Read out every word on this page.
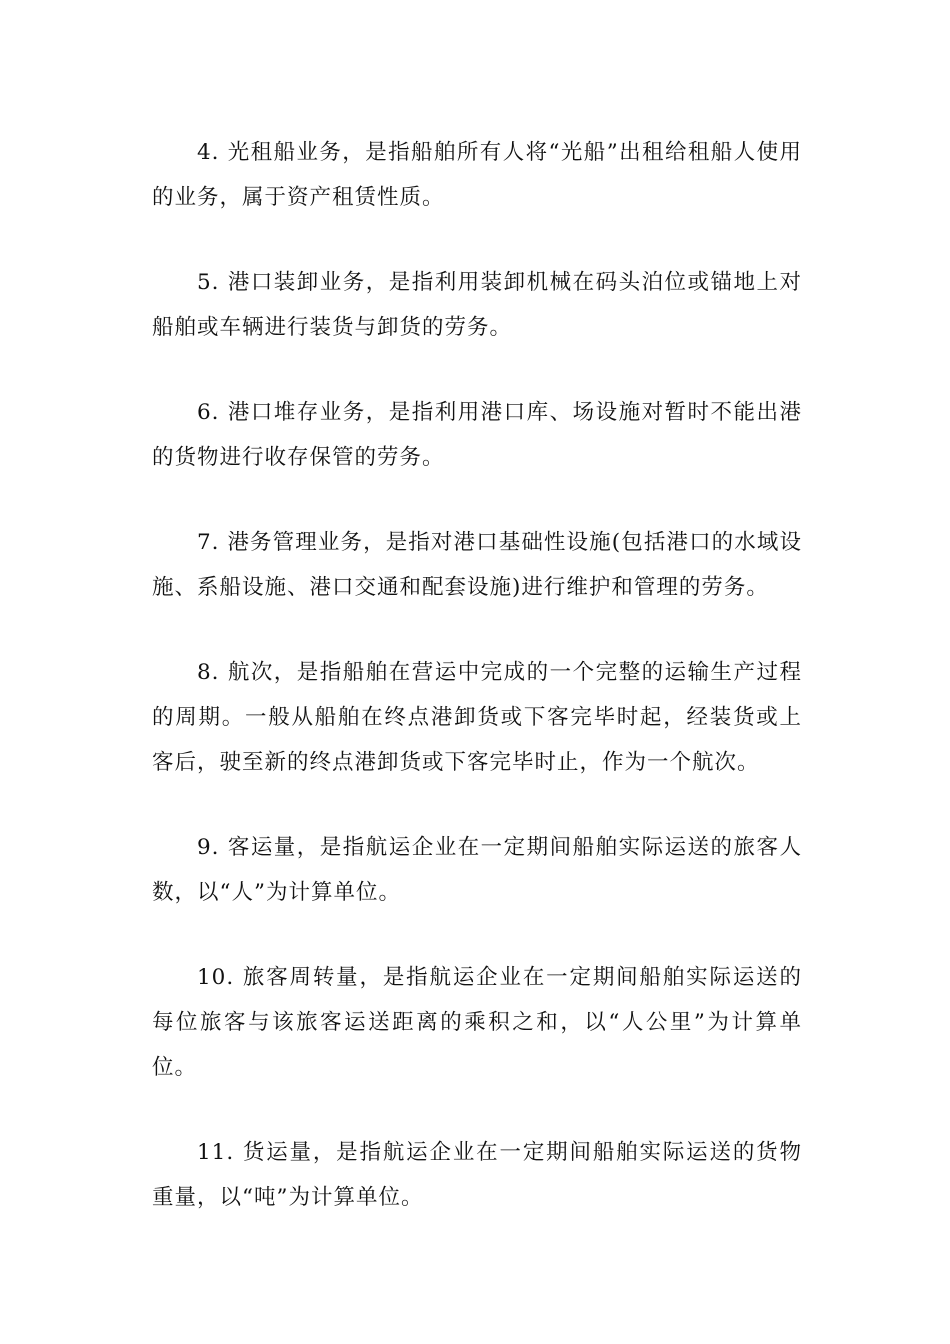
4. 光租船业务，是指船舶所有人将“光船”出租给租船人使用的业务，属于资产租赁性质。

5. 港口装卸业务，是指利用装卸机械在码头泊位或锚地上对船舶或车辆进行装货与卸货的劳务。

6. 港口堆存业务，是指利用港口库、场设施对暂时不能出港的货物进行收存保管的劳务。

7. 港务管理业务，是指对港口基础性设施(包括港口的水域设施、系船设施、港口交通和配套设施)进行维护和管理的劳务。

8. 航次，是指船舶在营运中完成的一个完整的运输生产过程的周期。一般从船舶在终点港卸货或下客完毕时起，经装货或上客后，驶至新的终点港卸货或下客完毕时止，作为一个航次。

9. 客运量，是指航运企业在一定期间船舶实际运送的旅客人数，以“人”为计算单位。

10. 旅客周转量，是指航运企业在一定期间船舶实际运送的每位旅客与该旅客运送距离的乘积之和，以“人公里”为计算单位。

11. 货运量，是指航运企业在一定期间船舶实际运送的货物重量，以“吨”为计算单位。
